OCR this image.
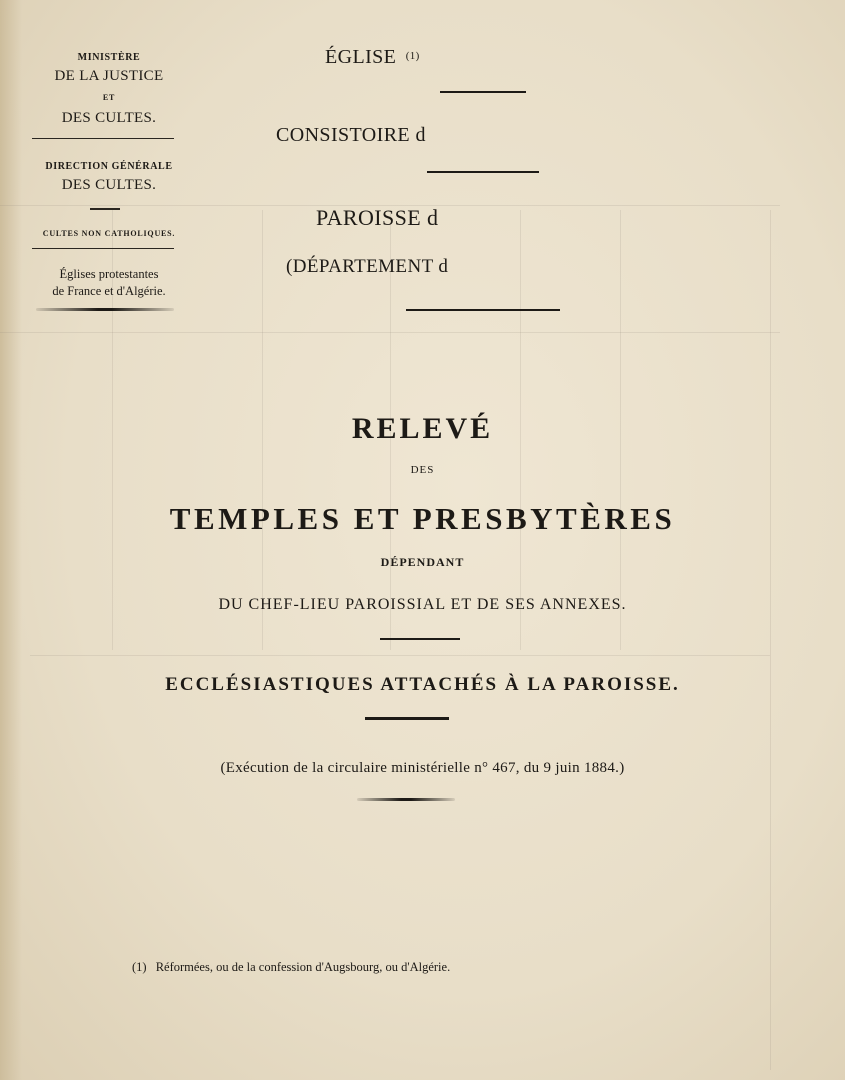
MINISTÈRE
DE LA JUSTICE
ET
DES CULTES.
DIRECTION GÉNÉRALE
DES CULTES.
CULTES NON CATHOLIQUES.
Églises protestantes
de France et d'Algérie.
ÉGLISE $^{(1)}$
CONSISTOIRE d
PAROISSE d
(DÉPARTEMENT d
RELEVÉ
DES
TEMPLES ET PRESBYTÈRES
DÉPENDANT
DU CHEF-LIEU PAROISSIAL ET DE SES ANNEXES.
ECCLÉSIASTIQUES ATTACHÉS À LA PAROISSE.
(Exécution de la circulaire ministérielle n° 467, du 9 juin 1884.)
(1) Réformées, ou de la confession d'Augsbourg, ou d'Algérie.
